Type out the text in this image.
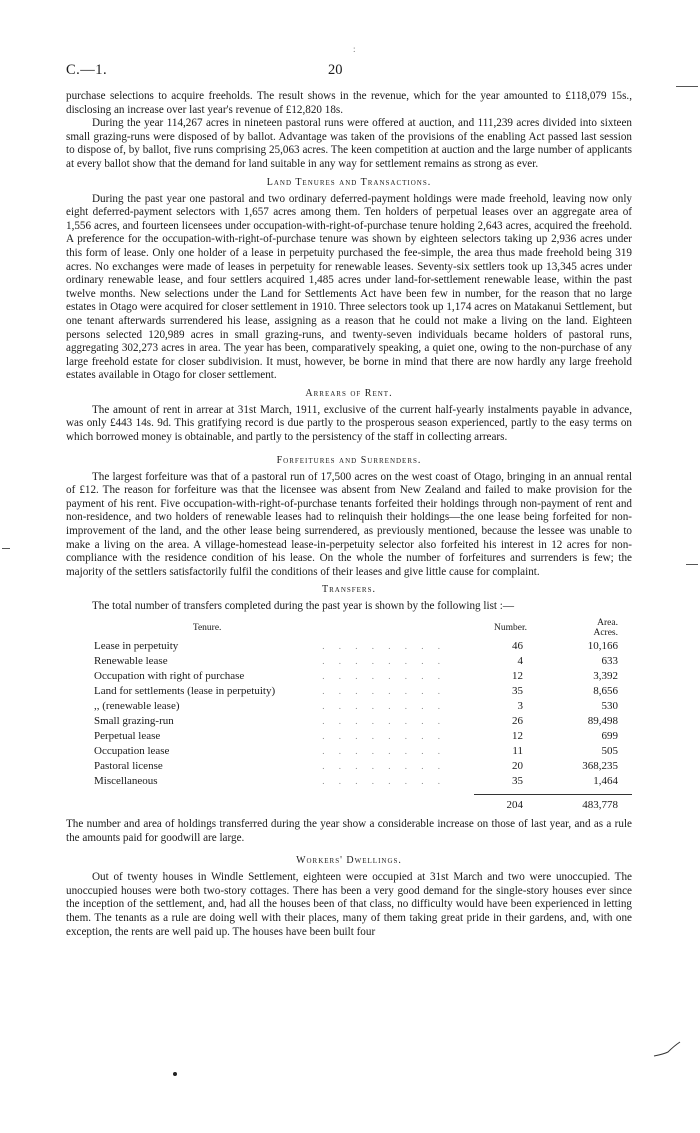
:
C.—1.	20

purchase selections to acquire freeholds. The result shows in the revenue, which for the year amounted to £118,079 15s., disclosing an increase over last year's revenue of £12,820 18s.

During the year 114,267 acres in nineteen pastoral runs were offered at auction, and 111,239 acres divided into sixteen small grazing-runs were disposed of by ballot. Advantage was taken of the provisions of the enabling Act passed last session to dispose of, by ballot, five runs comprising 25,063 acres. The keen competition at auction and the large number of applicants at every ballot show that the demand for land suitable in any way for settlement remains as strong as ever.

Land Tenures and Transactions.

During the past year one pastoral and two ordinary deferred-payment holdings were made freehold, leaving now only eight deferred-payment selectors with 1,657 acres among them. Ten holders of perpetual leases over an aggregate area of 1,556 acres, and fourteen licensees under occupation-with-right-of-purchase tenure holding 2,643 acres, acquired the freehold. A preference for the occupation-with-right-of-purchase tenure was shown by eighteen selectors taking up 2,936 acres under this form of lease. Only one holder of a lease in perpetuity purchased the fee-simple, the area thus made freehold being 319 acres. No exchanges were made of leases in perpetuity for renewable leases. Seventy-six settlers took up 13,345 acres under ordinary renewable lease, and four settlers acquired 1,485 acres under land-for-settlement renewable lease, within the past twelve months. New selections under the Land for Settlements Act have been few in number, for the reason that no large estates in Otago were acquired for closer settlement in 1910. Three selectors took up 1,174 acres on Matakanui Settlement, but one tenant afterwards surrendered his lease, assigning as a reason that he could not make a living on the land. Eighteen persons selected 120,989 acres in small grazing-runs, and twenty-seven individuals became holders of pastoral runs, aggregating 302,273 acres in area. The year has been, comparatively speaking, a quiet one, owing to the non-purchase of any large freehold estate for closer subdivision. It must, however, be borne in mind that there are now hardly any large freehold estates available in Otago for closer settlement.

Arrears of Rent.

The amount of rent in arrear at 31st March, 1911, exclusive of the current half-yearly instalments payable in advance, was only £443 14s. 9d. This gratifying record is due partly to the prosperous season experienced, partly to the easy terms on which borrowed money is obtainable, and partly to the persistency of the staff in collecting arrears.

Forfeitures and Surrenders.

The largest forfeiture was that of a pastoral run of 17,500 acres on the west coast of Otago, bringing in an annual rental of £12. The reason for forfeiture was that the licensee was absent from New Zealand and failed to make provision for the payment of his rent. Five occupation-with-right-of-purchase tenants forfeited their holdings through non-payment of rent and non-residence, and two holders of renewable leases had to relinquish their holdings—the one lease being forfeited for non-improvement of the land, and the other lease being surrendered, as previously mentioned, because the lessee was unable to make a living on the area. A village-homestead lease-in-perpetuity selector also forfeited his interest in 12 acres for non-compliance with the residence condition of his lease. On the whole the number of forfeitures and surrenders is few; the majority of the settlers satisfactorily fulfil the conditions of their leases and give little cause for complaint.

Transfers.

The total number of transfers completed during the past year is shown by the following list :—

Tenure.		Number.	Area.
Acres.
Lease in perpetuity	. . . . . . . .	46	10,166
Renewable lease	. . . . . . . .	4	633
Occupation with right of purchase	. . . . . . . .	12	3,392
Land for settlements (lease in perpetuity)	. . . . . . . .	35	8,656
,, (renewable lease)	. . . . . . . .	3	530
Small grazing-run	. . . . . . . .	26	89,498
Perpetual lease	. . . . . . . .	12	699
Occupation lease	. . . . . . . .	11	505
Pastoral license	. . . . . . . .	20	368,235
Miscellaneous	. . . . . . . .	35	1,464

		204	483,778

The number and area of holdings transferred during the year show a considerable increase on those of last year, and as a rule the amounts paid for goodwill are large.

Workers' Dwellings.

Out of twenty houses in Windle Settlement, eighteen were occupied at 31st March and two were unoccupied. The unoccupied houses were both two-story cottages. There has been a very good demand for the single-story houses ever since the inception of the settlement, and, had all the houses been of that class, no difficulty would have been experienced in letting them. The tenants as a rule are doing well with their places, many of them taking great pride in their gardens, and, with one exception, the rents are well paid up. The houses have been built four
